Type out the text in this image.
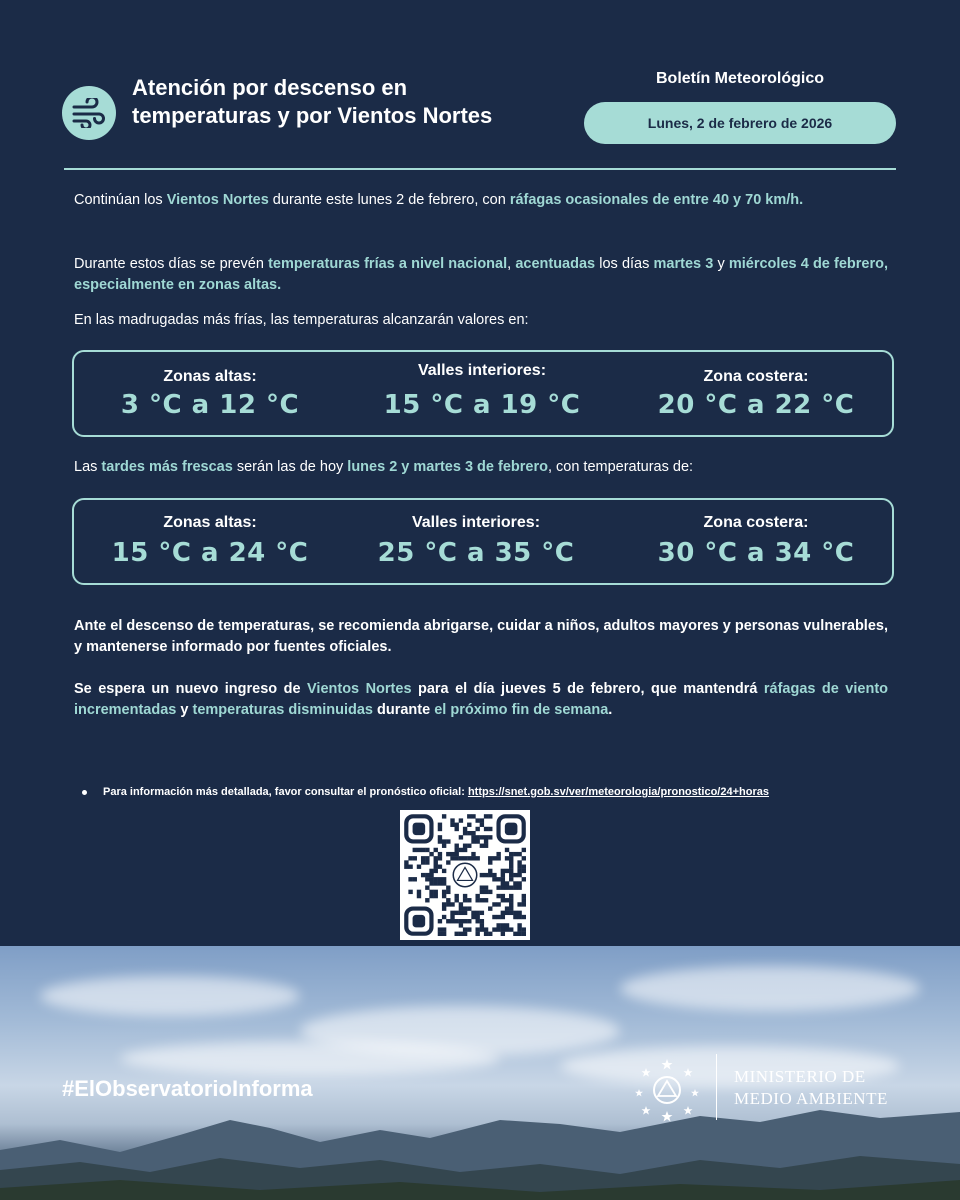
Atención por descenso en
temperaturas y por Vientos Nortes
Boletín Meteorológico
Lunes, 2 de febrero de 2026
Continúan los Vientos Nortes durante este lunes 2 de febrero, con ráfagas ocasionales de entre 40 y 70 km/h.
Durante estos días se prevén temperaturas frías a nivel nacional, acentuadas los días martes 3 y miércoles 4 de febrero, especialmente en zonas altas.
En las madrugadas más frías, las temperaturas alcanzarán valores en:
Zonas altas:
3 °C a 12 °C
Valles interiores:
15 °C a 19 °C
Zona costera:
20 °C a 22 °C
Las tardes más frescas serán las de hoy lunes 2 y martes 3 de febrero, con temperaturas de:
Zonas altas:
15 °C a 24 °C
Valles interiores:
25 °C a 35 °C
Zona costera:
30 °C a 34 °C
Ante el descenso de temperaturas, se recomienda abrigarse, cuidar a niños, adultos mayores y personas vulnerables, y mantenerse informado por fuentes oficiales.
Se espera un nuevo ingreso de Vientos Nortes para el día jueves 5 de febrero, que mantendrá ráfagas de viento incrementadas y temperaturas disminuidas durante el próximo fin de semana.
Para información más detallada, favor consultar el pronóstico oficial: https://snet.gob.sv/ver/meteorologia/pronostico/24+horas
#ElObservatorioInforma	MINISTERIO DE
MEDIO AMBIENTE
